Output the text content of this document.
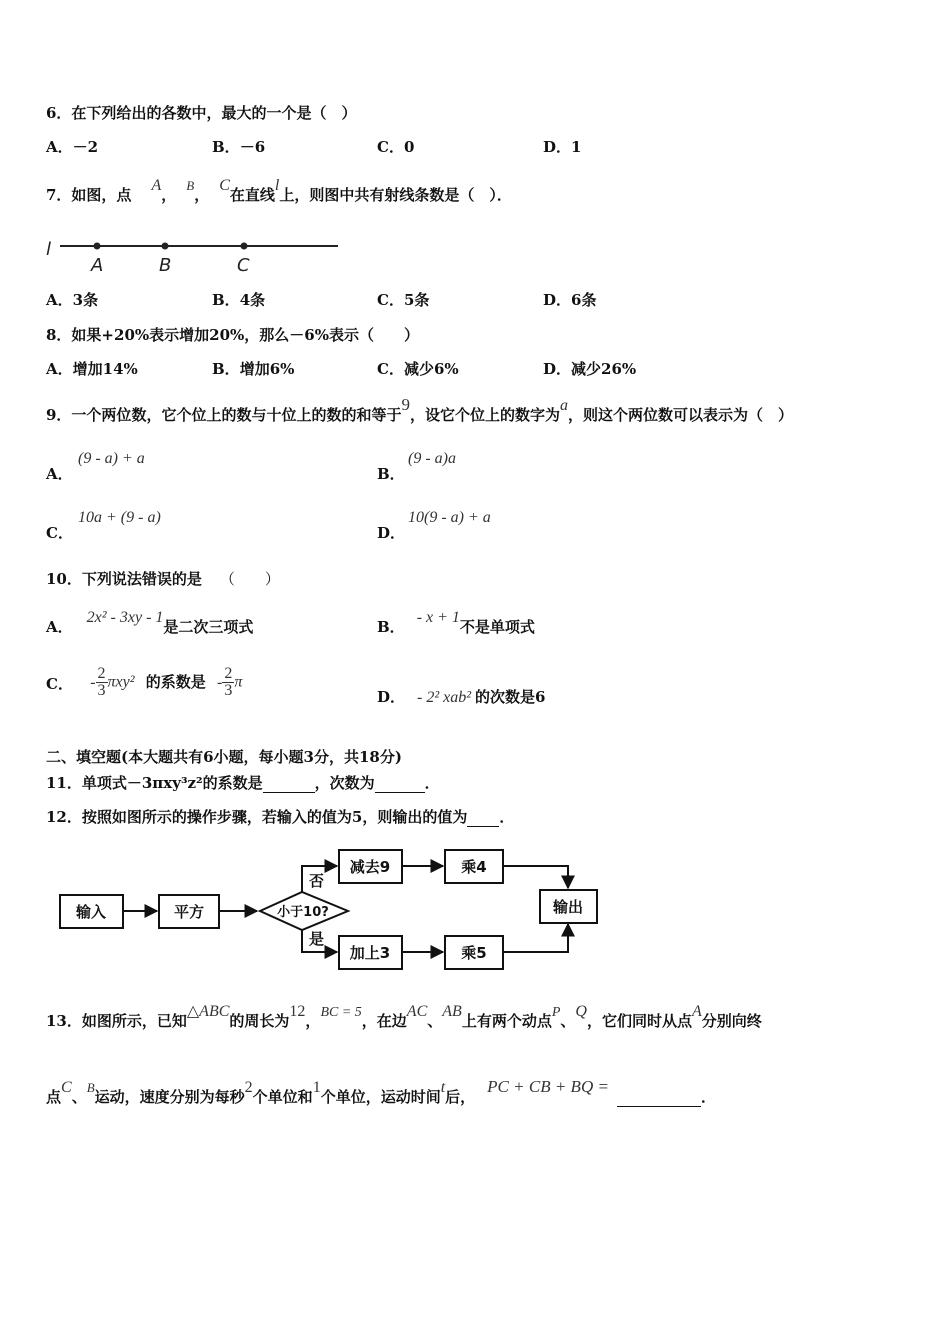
6．在下列给出的各数中，最大的一个是（　）
A．－2	B．－6	C．0	D．1
7．如图，点A，B，C在直线l上，则图中共有射线条数是（　）．
l
A	B	C
A．3条	B．4条	C．5条	D．6条
8．如果+20%表示增加20%，那么－6%表示（　　）
A．增加14%	B．增加6%	C．减少6%	D．减少26%
9．一个两位数，它个位上的数与十位上的数的和等于9，设它个位上的数字为a，则这个两位数可以表示为（　）
A．
(9 - a) + a
B．
(9 - a)a
C．
10a + (9 - a)
D．
10(9 - a) + a
10．下列说法错误的是 （　　）
A．2x² - 3xy - 1是二次三项式	B．- x + 1不是单项式
C． - $\frac{2}{3} \pi xy^2$ 的系数是 - $\frac{2}{3}$ π
D． - 2² xab² 的次数是6
二、填空题(本大题共有6小题，每小题3分，共18分)
11．单项式－3πxy³z²的系数是	，次数为	．
12．按照如图所示的操作步骤，若输入的值为5，则输出的值为 ．
输入	平方	小于10?
否
是
减去9	乘4
加上3	乘5
输出
13．如图所示，已知△ABC的周长为12，BC = 5，在边AC、AB上有两个动点P、Q，它们同时从点A分别向终
点C、B运动，速度分别为每秒2个单位和1个单位，运动时间t后，PC + CB + BQ =．
